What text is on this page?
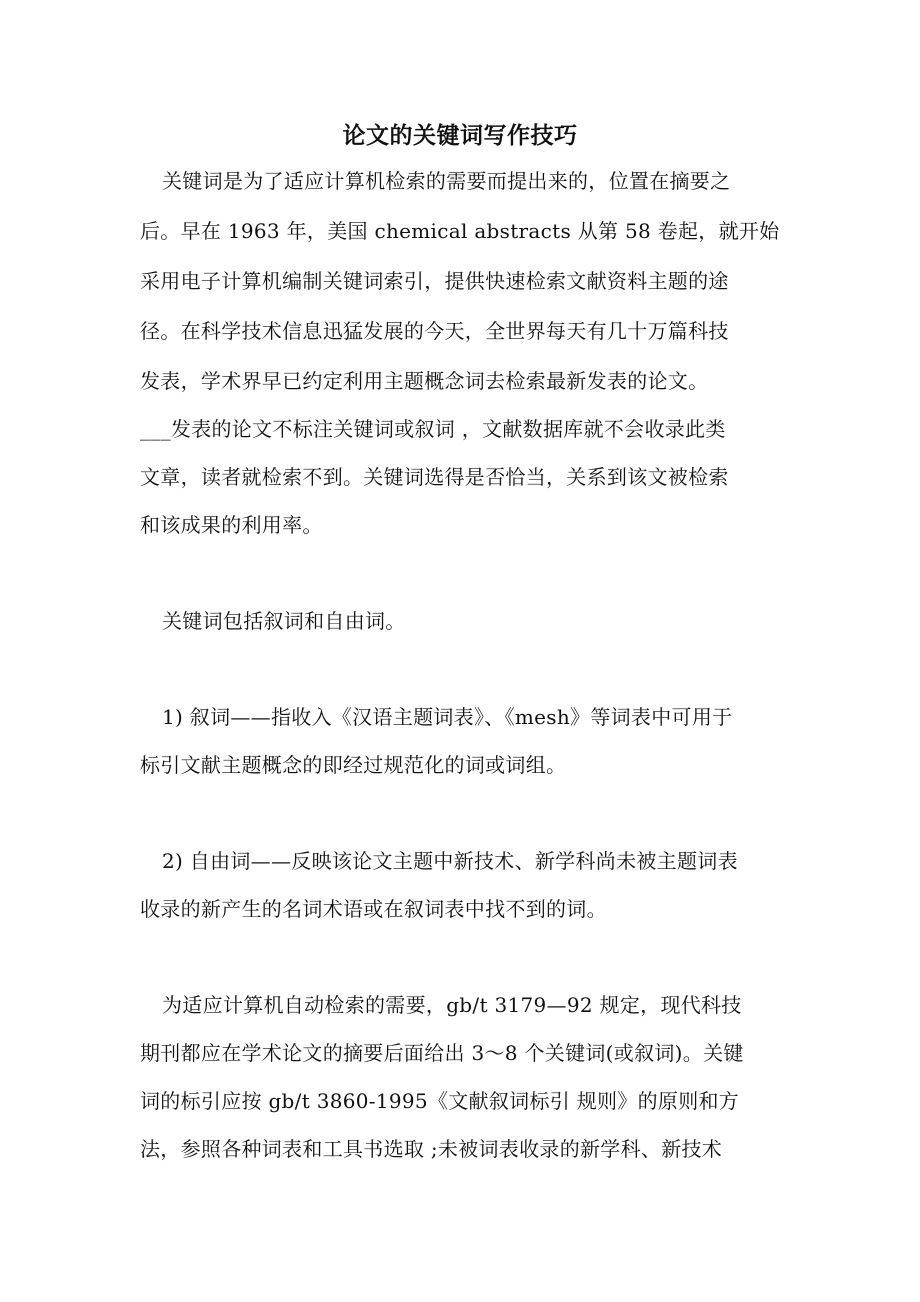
论文的关键词写作技巧
关键词是为了适应计算机检索的需要而提出来的，位置在摘要之
后。早在 1963 年，美国 chemical abstracts 从第 58 卷起，就开始
采用电子计算机编制关键词索引，提供快速检索文献资料主题的途
径。在科学技术信息迅猛发展的今天，全世界每天有几十万篇科技
发表，学术界早已约定利用主题概念词去检索最新发表的论文。
___发表的论文不标注关键词或叙词 ，文献数据库就不会收录此类
文章，读者就检索不到。关键词选得是否恰当，关系到该文被检索
和该成果的利用率。
关键词包括叙词和自由词。
1) 叙词——指收入《汉语主题词表》、《mesh》等词表中可用于
标引文献主题概念的即经过规范化的词或词组。
2) 自由词——反映该论文主题中新技术、新学科尚未被主题词表
收录的新产生的名词术语或在叙词表中找不到的词。
为适应计算机自动检索的需要，gb/t 3179—92 规定，现代科技
期刊都应在学术论文的摘要后面给出 3～8 个关键词(或叙词)。关键
词的标引应按 gb/t 3860-1995《文献叙词标引 规则》的原则和方
法，参照各种词表和工具书选取 ;未被词表收录的新学科、新技术
